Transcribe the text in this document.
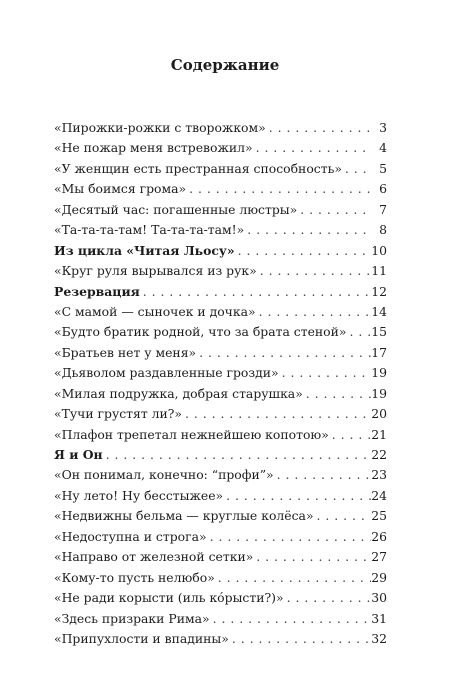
Содержание
«Пирожки-рожки с творожком» . . .	3
«Не пожар меня встревожил» . . .	4
«У женщин есть престранная способность» . . .	5
«Мы боимся грома» . . .	6
«Десятый час: погашенные люстры» . . .	7
«Та-та-та-там! Та-та-та-там!» . . .	8
Из цикла «Читая Льосу» . . .	10
«Круг руля вырывался из рук» . . .	11
Резервация . . .	12
«С мамой — сыночек и дочка» . . .	14
«Будто братик родной, что за брата стеной» . . . 15
«Братьев нет у меня» . . .	17
«Дьяволом раздавленные грозди» . . .	19
«Милая подружка, добрая старушка» . . .	19
«Тучи грустят ли?» . . .	20
«Плафон трепетал нежнейшею копотою» . . .	21
Я и Он . . .	22
«Он понимал, конечно: “профи”» . . .	23
«Ну лето! Ну бесстыжее» . . .	24
«Недвижны бельма — круглые колёса» . . .	25
«Недоступна и строга» . . .	26
«Направо от железной сетки» . . .	27
«Кому-то пусть нелюбо» . . .	29
«Не ради корысти (иль кóрысти?)» . . .	30
«Здесь призраки Рима» . . .	31
«Припухлости и впадины» . . .	32
